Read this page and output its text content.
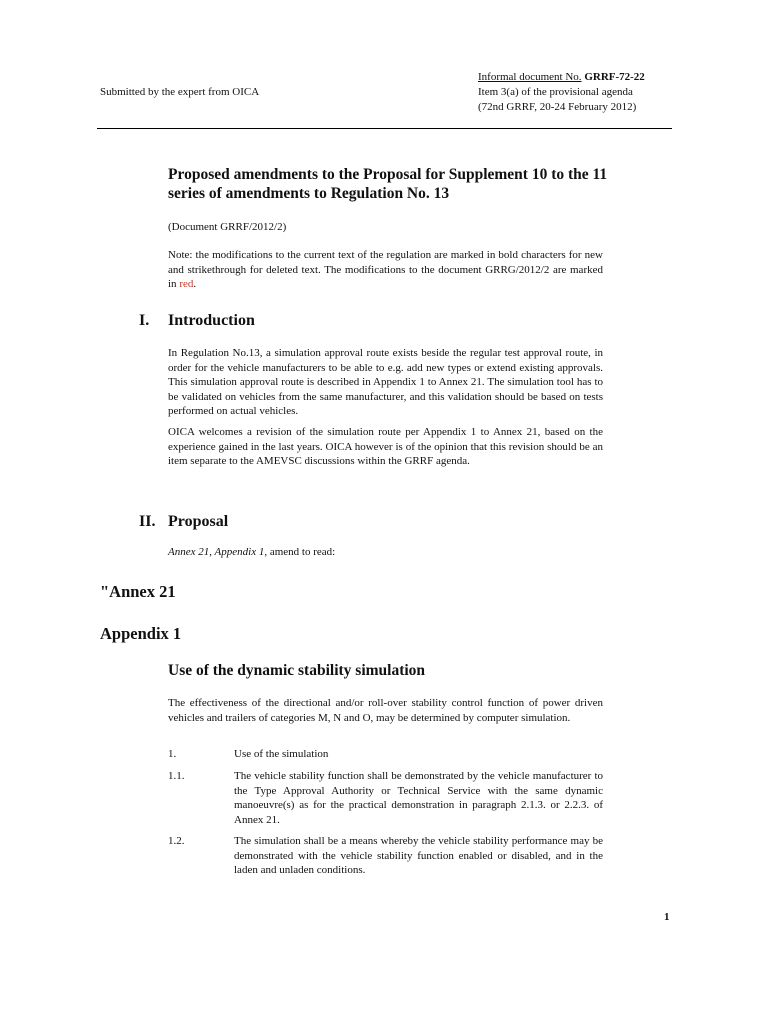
Submitted by the expert from OICA
Informal document No. GRRF-72-22
Item 3(a) of the provisional agenda
(72nd GRRF, 20-24 February 2012)
Proposed amendments to the Proposal for Supplement 10 to the 11 series of amendments to Regulation No. 13
(Document GRRF/2012/2)
Note: the modifications to the current text of the regulation are marked in bold characters for new and strikethrough for deleted text. The modifications to the document GRRG/2012/2 are marked in red.
I. Introduction
In Regulation No.13, a simulation approval route exists beside the regular test approval route, in order for the vehicle manufacturers to be able to e.g. add new types or extend existing approvals. This simulation approval route is described in Appendix 1 to Annex 21. The simulation tool has to be validated on vehicles from the same manufacturer, and this validation should be based on tests performed on actual vehicles.
OICA welcomes a revision of the simulation route per Appendix 1 to Annex 21, based on the experience gained in the last years. OICA however is of the opinion that this revision should be an item separate to the AMEVSC discussions within the GRRF agenda.
II. Proposal
Annex 21, Appendix 1, amend to read:
"Annex 21
Appendix 1
Use of the dynamic stability simulation
The effectiveness of the directional and/or roll-over stability control function of power driven vehicles and trailers of categories M, N and O, may be determined by computer simulation.
1.	Use of the simulation
1.1.	The vehicle stability function shall be demonstrated by the vehicle manufacturer to the Type Approval Authority or Technical Service with the same dynamic manoeuvre(s) as for the practical demonstration in paragraph 2.1.3. or 2.2.3. of Annex 21.
1.2.	The simulation shall be a means whereby the vehicle stability performance may be demonstrated with the vehicle stability function enabled or disabled, and in the laden and unladen conditions.
1
